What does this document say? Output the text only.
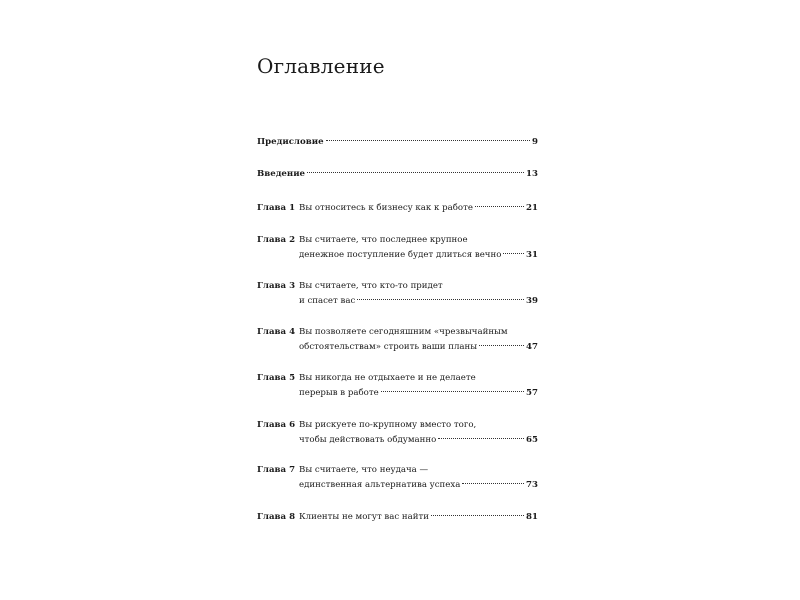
Оглавление
Предисловие	9
Введение	13
Глава 1 Вы относитесь к бизнесу как к работе	21
Глава 2 Вы считаете, что последнее крупное
денежное поступление будет длиться вечно	31
Глава 3 Вы считаете, что кто-то придет
и спасет вас	39
Глава 4 Вы позволяете сегодняшним «чрезвычайным
обстоятельствам» строить ваши планы	47
Глава 5 Вы никогда не отдыхаете и не делаете
перерыв в работе	57
Глава 6 Вы рискуете по-крупному вместо того,
чтобы действовать обдуманно	65
Глава 7 Вы считаете, что неудача —
единственная альтернатива успеха	73
Глава 8 Клиенты не могут вас найти	81
